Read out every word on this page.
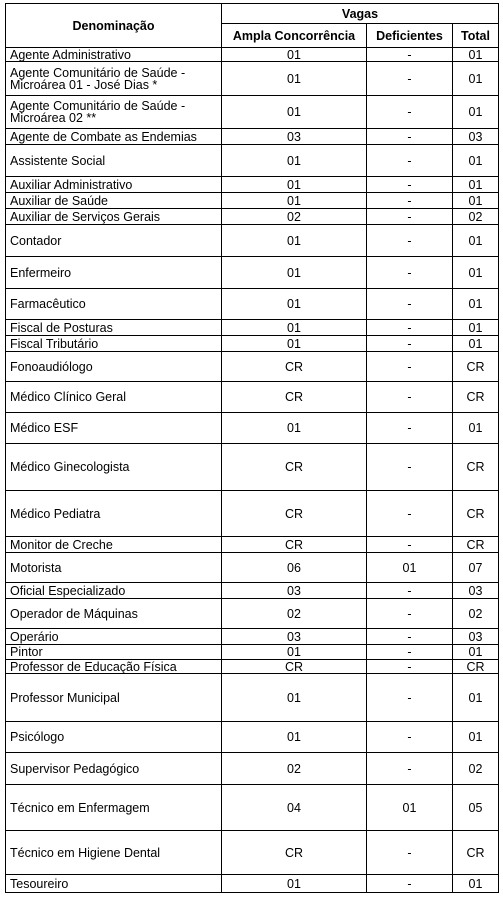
Denominação	Vagas		
	Ampla Concorrência	Deficientes	Total
Agente Administrativo	01	-	01
Agente Comunitário de Saúde - Microárea 01 - José Dias *	01	-	01
Agente Comunitário de Saúde - Microárea 02 **	01	-	01
Agente de Combate as Endemias	03	-	03
Assistente Social	01	-	01
Auxiliar Administrativo	01	-	01
Auxiliar de Saúde	01	-	01
Auxiliar de Serviços Gerais	02	-	02
Contador	01	-	01
Enfermeiro	01	-	01
Farmacêutico	01	-	01
Fiscal de Posturas	01	-	01
Fiscal Tributário	01	-	01
Fonoaudiólogo	CR	-	CR
Médico Clínico Geral	CR	-	CR
Médico ESF	01	-	01
Médico Ginecologista	CR	-	CR
Médico Pediatra	CR	-	CR
Monitor de Creche	CR	-	CR
Motorista	06	01	07
Oficial Especializado	03	-	03
Operador de Máquinas	02	-	02
Operário	03	-	03
Pintor	01	-	01
Professor de Educação Física	CR	-	CR
Professor Municipal	01	-	01
Psicólogo	01	-	01
Supervisor Pedagógico	02	-	02
Técnico em Enfermagem	04	01	05
Técnico em Higiene Dental	CR	-	CR
Tesoureiro	01	-	01
